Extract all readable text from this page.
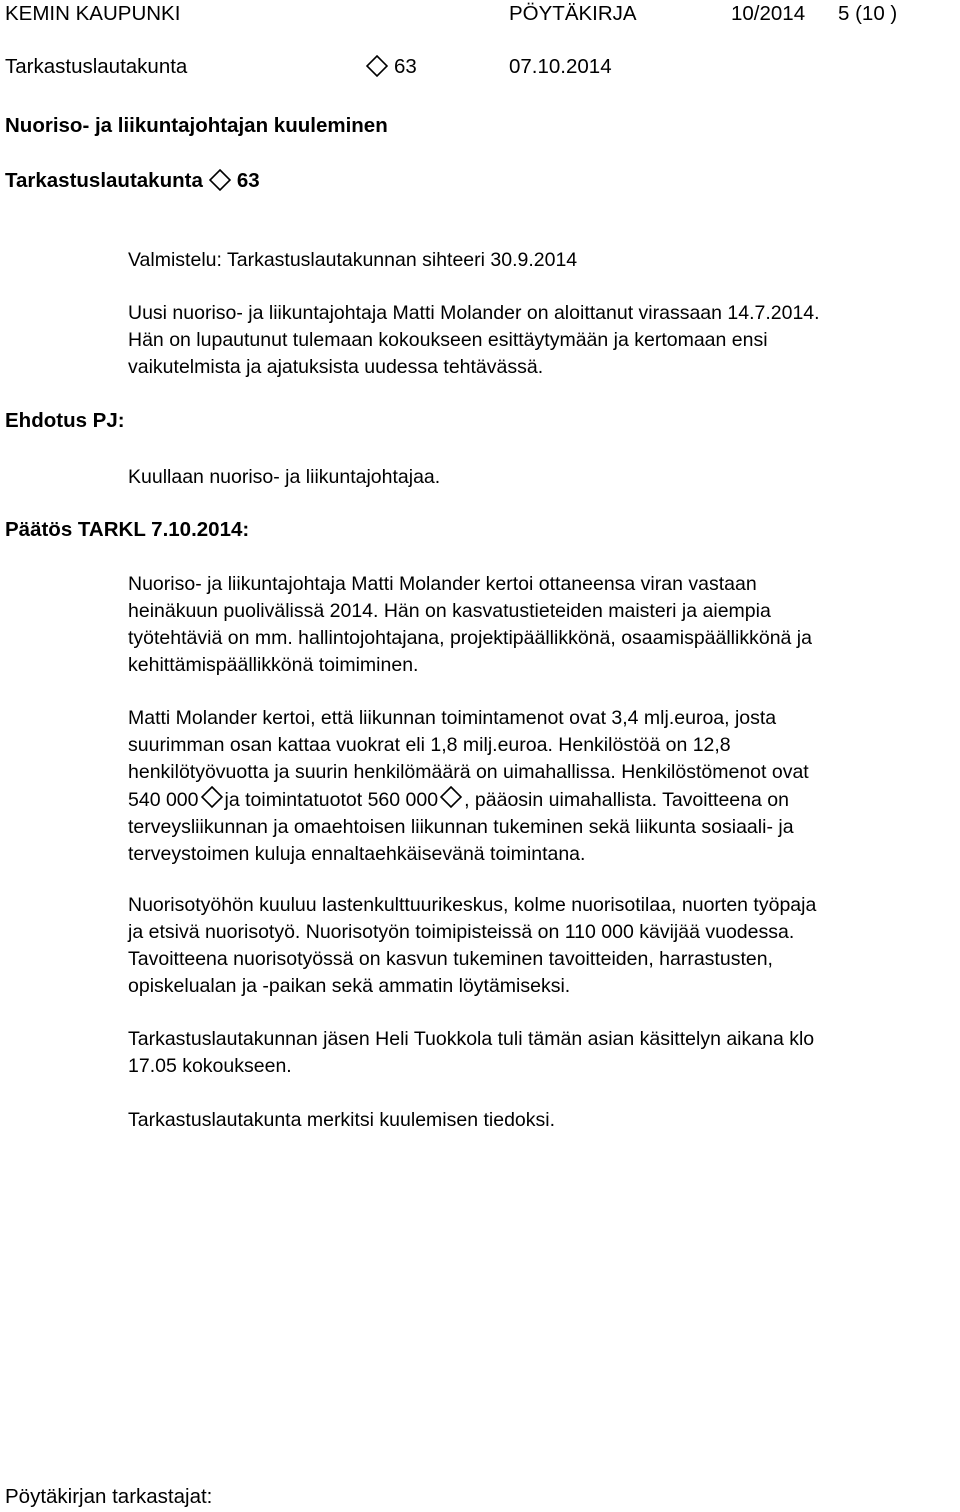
KEMIN KAUPUNKI	PÖYTÄKIRJA	10/2014 5 (10 )
Tarkastuslautakunta	63	07.10.2014
Nuoriso- ja liikuntajohtajan kuuleminen
Tarkastuslautakunta 63
Valmistelu: Tarkastuslautakunnan sihteeri 30.9.2014

Uusi nuoriso- ja liikuntajohtaja Matti Molander on aloittanut virassaan 14.7.2014.

Hän on lupautunut tulemaan kokoukseen esittäytymään ja kertomaan ensi

vaikutelmista ja ajatuksista uudessa tehtävässä.

Ehdotus PJ:
Kuullaan nuoriso- ja liikuntajohtajaa.
Päätös TARKL 7.10.2014:

Nuoriso- ja liikuntajohtaja Matti Molander kertoi ottaneensa viran vastaan

heinäkuun puolivälissä 2014. Hän on kasvatustieteiden maisteri ja aiempia

työtehtäviä on mm. hallintojohtajana, projektipäällikkönä, osaamispäällikkönä ja

kehittämispäällikkönä toimiminen.

Matti Molander kertoi, että liikunnan toimintamenot ovat 3,4 mlj.euroa, josta

suurimman osan kattaa vuokrat eli 1,8 milj.euroa. Henkilöstöä on 12,8

henkilötyövuotta ja suurin henkilömäärä on uimahallissa. Henkilöstömenot ovat

540 000 ja toimintatuotot 560 000 , pääosin uimahallista. Tavoitteena on

terveysliikunnan ja omaehtoisen liikunnan tukeminen sekä liikunta sosiaali- ja

terveystoimen kuluja ennaltaehkäisevänä toimintana.

Nuorisotyöhön kuuluu lastenkulttuurikeskus, kolme nuorisotilaa, nuorten työpaja

ja etsivä nuorisotyö. Nuorisotyön toimipisteissä on 110 000 kävijää vuodessa.

Tavoitteena nuorisotyössä on kasvun tukeminen tavoitteiden, harrastusten,

opiskelualan ja -paikan sekä ammatin löytämiseksi.

Tarkastuslautakunnan jäsen Heli Tuokkola tuli tämän asian käsittelyn aikana klo

17.05 kokoukseen.

Tarkastuslautakunta merkitsi kuulemisen tiedoksi.
Pöytäkirjan tarkastajat:
